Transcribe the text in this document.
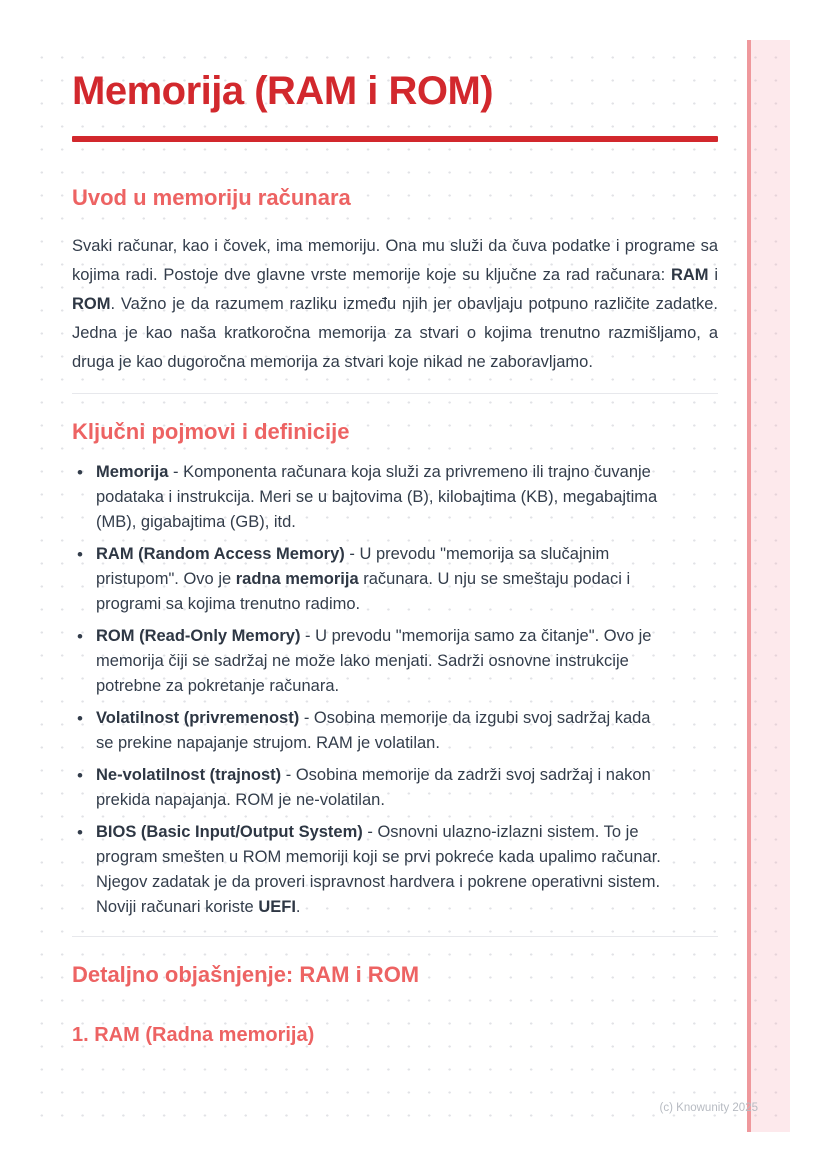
Memorija (RAM i ROM)
Uvod u memoriju računara

Svaki računar, kao i čovek, ima memoriju. Ona mu služi da čuva podatke i programe sa kojima radi. Postoje dve glavne vrste memorije koje su ključne za rad računara: RAM i ROM. Važno je da razumem razliku između njih jer obavljaju potpuno različite zadatke. Jedna je kao naša kratkoročna memorija za stvari o kojima trenutno razmišljamo, a druga je kao dugoročna memorija za stvari koje nikad ne zaboravljamo.

Ključni pojmovi i definicije
• Memorija - Komponenta računara koja služi za privremeno ili trajno čuvanje podataka i instrukcija. Meri se u bajtovima (B), kilobajtima (KB), megabajtima (MB), gigabajtima (GB), itd.
• RAM (Random Access Memory) - U prevodu "memorija sa slučajnim pristupom". Ovo je radna memorija računara. U nju se smeštaju podaci i programi sa kojima trenutno radimo.
• ROM (Read-Only Memory) - U prevodu "memorija samo za čitanje". Ovo je memorija čiji se sadržaj ne može lako menjati. Sadrži osnovne instrukcije potrebne za pokretanje računara.
• Volatilnost (privremenost) - Osobina memorije da izgubi svoj sadržaj kada se prekine napajanje strujom. RAM je volatilan.
• Ne-volatilnost (trajnost) - Osobina memorije da zadrži svoj sadržaj i nakon prekida napajanja. ROM je ne-volatilan.
• BIOS (Basic Input/Output System) - Osnovni ulazno-izlazni sistem. To je program smešten u ROM memoriji koji se prvi pokreće kada upalimo računar. Njegov zadatak je da proveri ispravnost hardvera i pokrene operativni sistem. Noviji računari koriste UEFI.
Detaljno objašnjenje: RAM i ROM
1. RAM (Radna memorija)
(c) Knowunity 2025
